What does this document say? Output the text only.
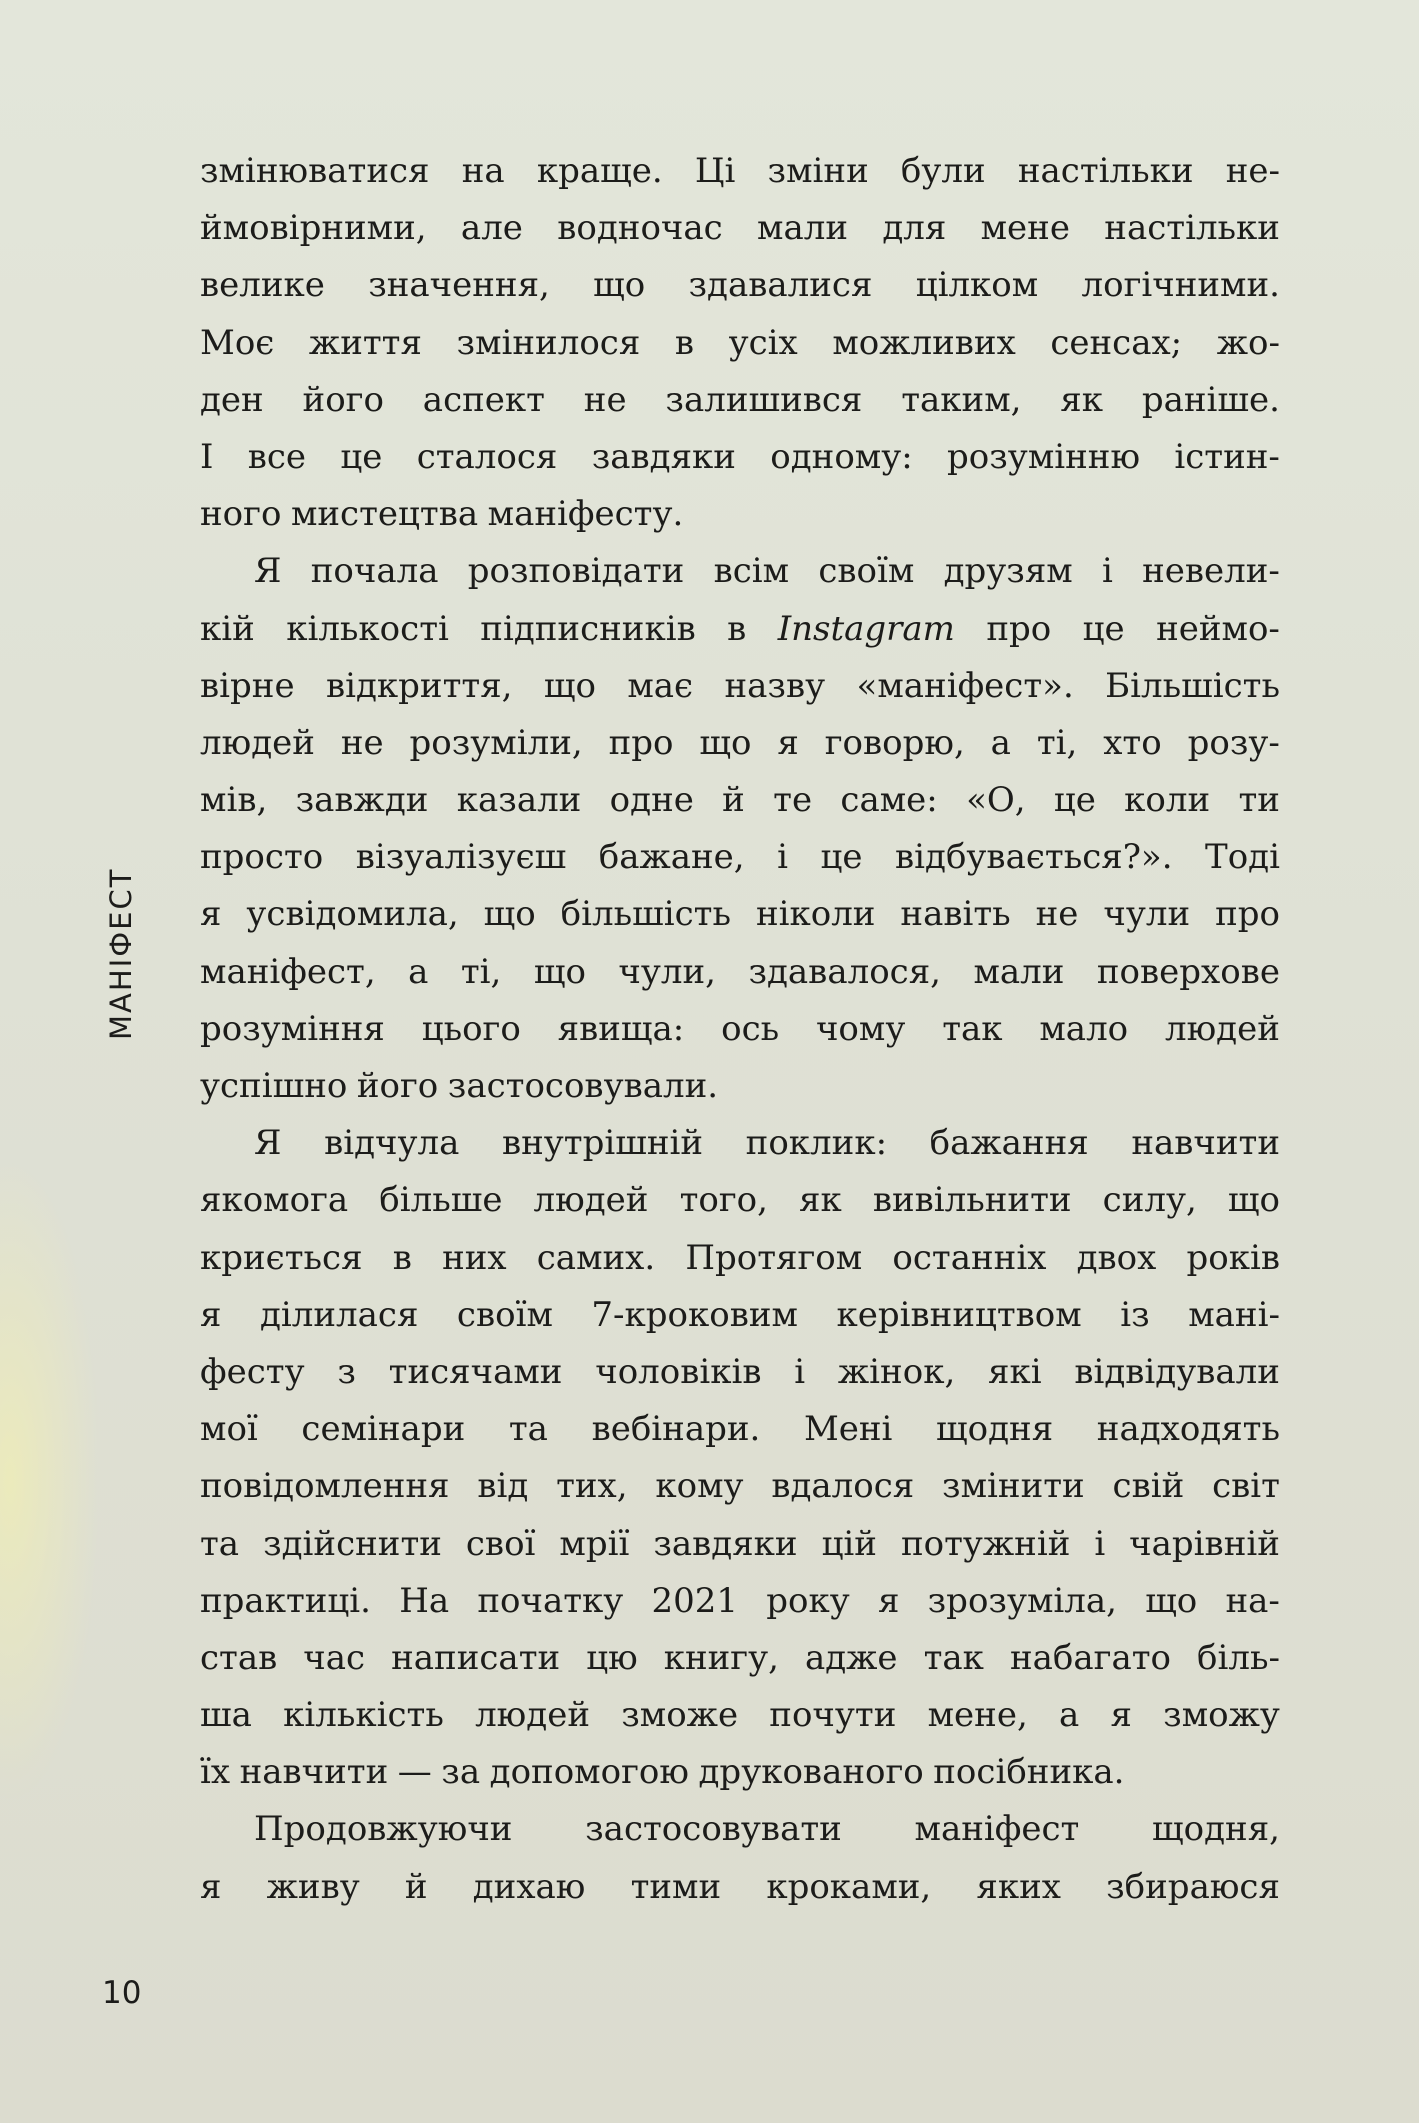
МАНІФЕСТ
змінюватися на краще. Ці зміни були настільки не-
ймовірними, але водночас мали для мене настільки
велике значення, що здавалися цілком логічними.
Моє життя змінилося в усіх можливих сенсах; жо-
ден його аспект не залишився таким, як раніше.
І все це сталося завдяки одному: розумінню істин-
ного мистецтва маніфесту.
Я почала розповідати всім своїм друзям і невели-
кій кількості підписників в Instagram про це неймо-
вірне відкриття, що має назву «маніфест». Більшість
людей не розуміли, про що я говорю, а ті, хто розу-
мів, завжди казали одне й те саме: «О, це коли ти
просто візуалізуєш бажане, і це відбувається?». Тоді
я усвідомила, що більшість ніколи навіть не чули про
маніфест, а ті, що чули, здавалося, мали поверхове
розуміння цього явища: ось чому так мало людей
успішно його застосовували.
Я відчула внутрішній поклик: бажання навчити
якомога більше людей того, як вивільнити силу, що
криється в них самих. Протягом останніх двох років
я ділилася своїм 7-кроковим керівництвом із мані-
фесту з тисячами чоловіків і жінок, які відвідували
мої семінари та вебінари. Мені щодня надходять
повідомлення від тих, кому вдалося змінити свій світ
та здійснити свої мрії завдяки цій потужній і чарівній
практиці. На початку 2021 року я зрозуміла, що на-
став час написати цю книгу, адже так набагато біль-
ша кількість людей зможе почути мене, а я зможу
їх навчити — за допомогою друкованого посібника.
Продовжуючи застосовувати маніфест щодня,
я живу й дихаю тими кроками, яких збираюся
10
